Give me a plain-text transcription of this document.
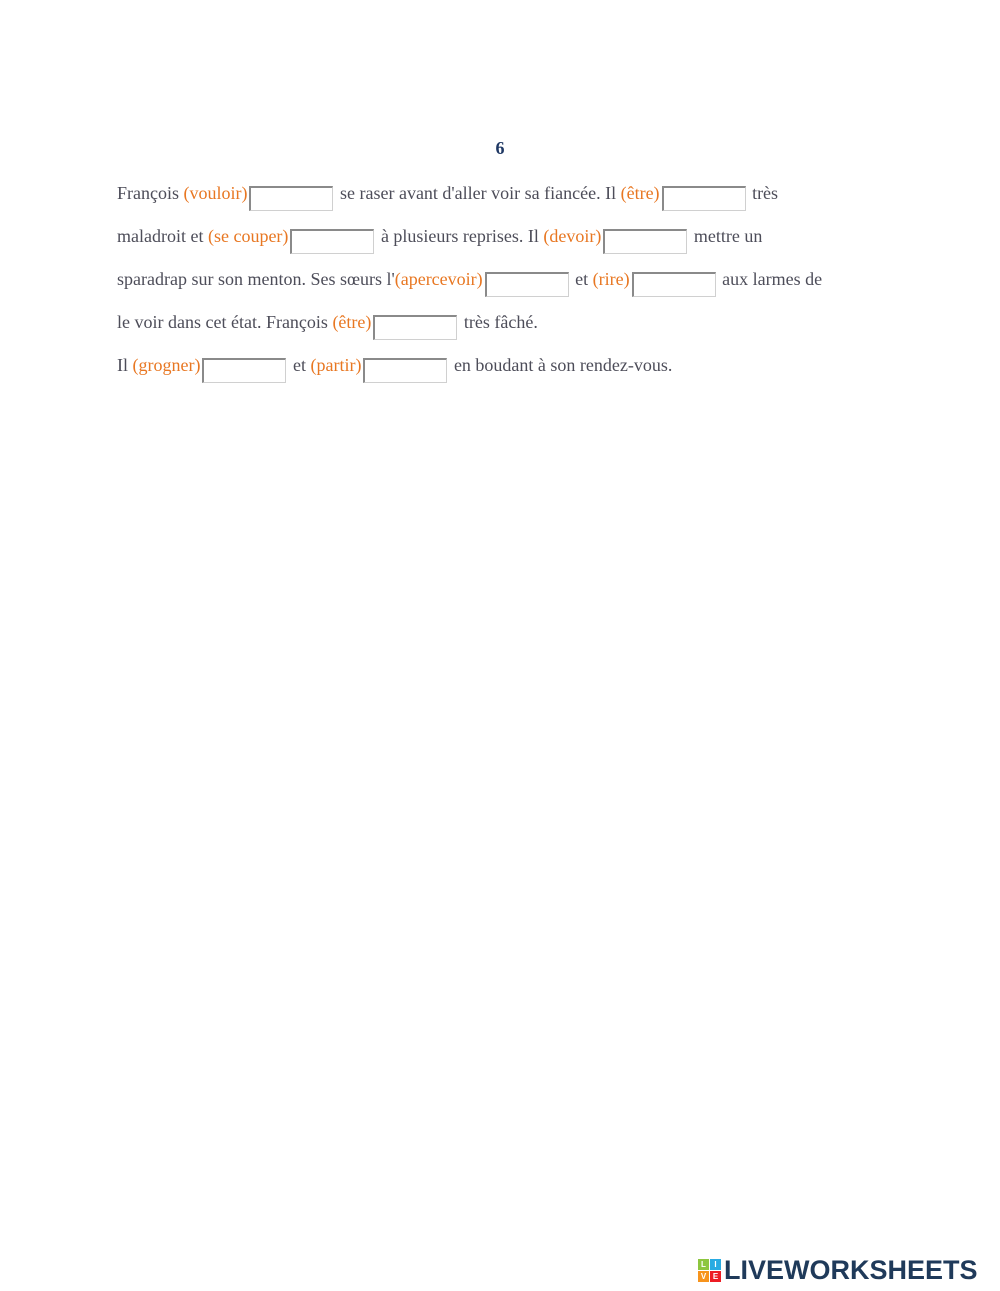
6
François (vouloir)	se raser avant d'aller voir sa fiancée. Il (être)	très
maladroit et (se couper)	à plusieurs reprises. Il (devoir)	mettre un
sparadrap sur son menton. Ses sœurs l'(apercevoir)	et (rire)	aux larmes de
le voir dans cet état. François (être)	très fâché.
Il (grogner)	et (partir)	en boudant à son rendez-vous.
L	I
V E LIVEWORKSHEETS
